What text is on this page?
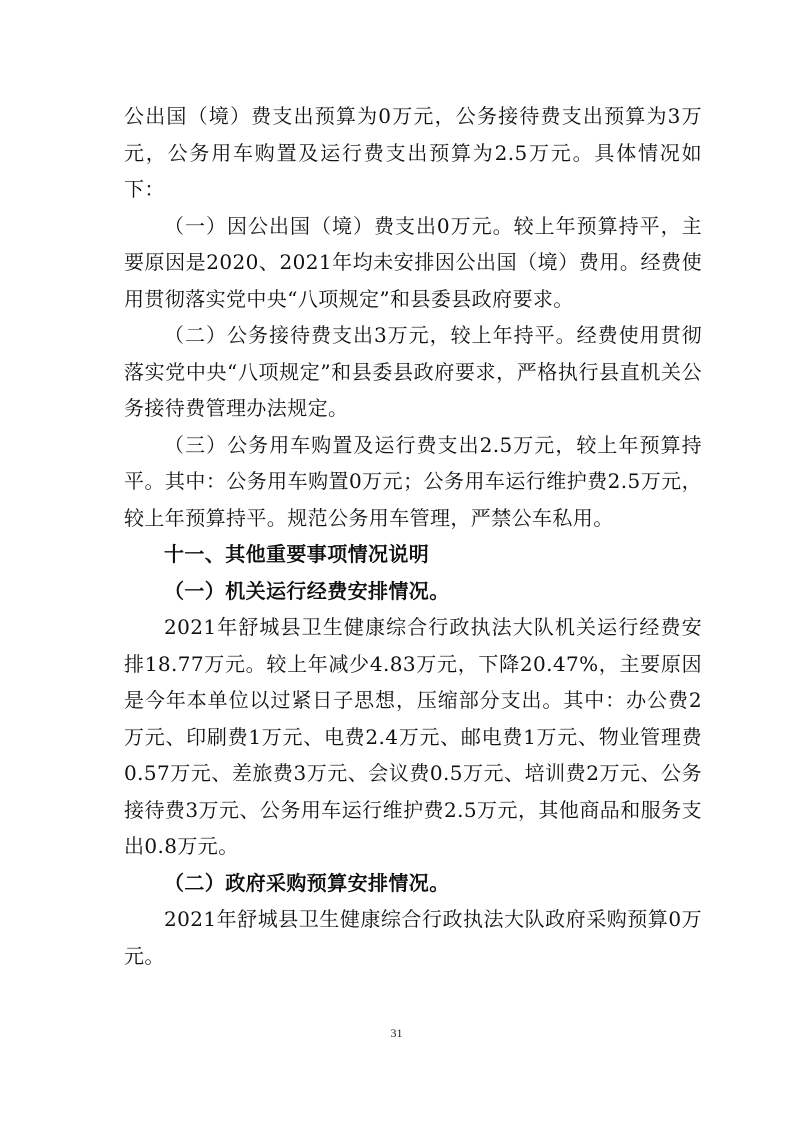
公出国（境）费支出预算为0万元，公务接待费支出预算为3万元，公务用车购置及运行费支出预算为2.5万元。具体情况如下：

（一）因公出国（境）费支出0万元。较上年预算持平，主要原因是2020、2021年均未安排因公出国（境）费用。经费使用贯彻落实党中央“八项规定”和县委县政府要求。

（二）公务接待费支出3万元，较上年持平。经费使用贯彻落实党中央“八项规定”和县委县政府要求，严格执行县直机关公务接待费管理办法规定。

（三）公务用车购置及运行费支出2.5万元，较上年预算持平。其中：公务用车购置0万元；公务用车运行维护费2.5万元，较上年预算持平。规范公务用车管理，严禁公车私用。

十一、其他重要事项情况说明
（一）机关运行经费安排情况。

2021年舒城县卫生健康综合行政执法大队机关运行经费安排18.77万元。较上年减少4.83万元，下降20.47%，主要原因是今年本单位以过紧日子思想，压缩部分支出。其中：办公费2万元、印刷费1万元、电费2.4万元、邮电费1万元、物业管理费0.57万元、差旅费3万元、会议费0.5万元、培训费2万元、公务接待费3万元、公务用车运行维护费2.5万元，其他商品和服务支出0.8万元。

（二）政府采购预算安排情况。

2021年舒城县卫生健康综合行政执法大队政府采购预算0万元。

31
